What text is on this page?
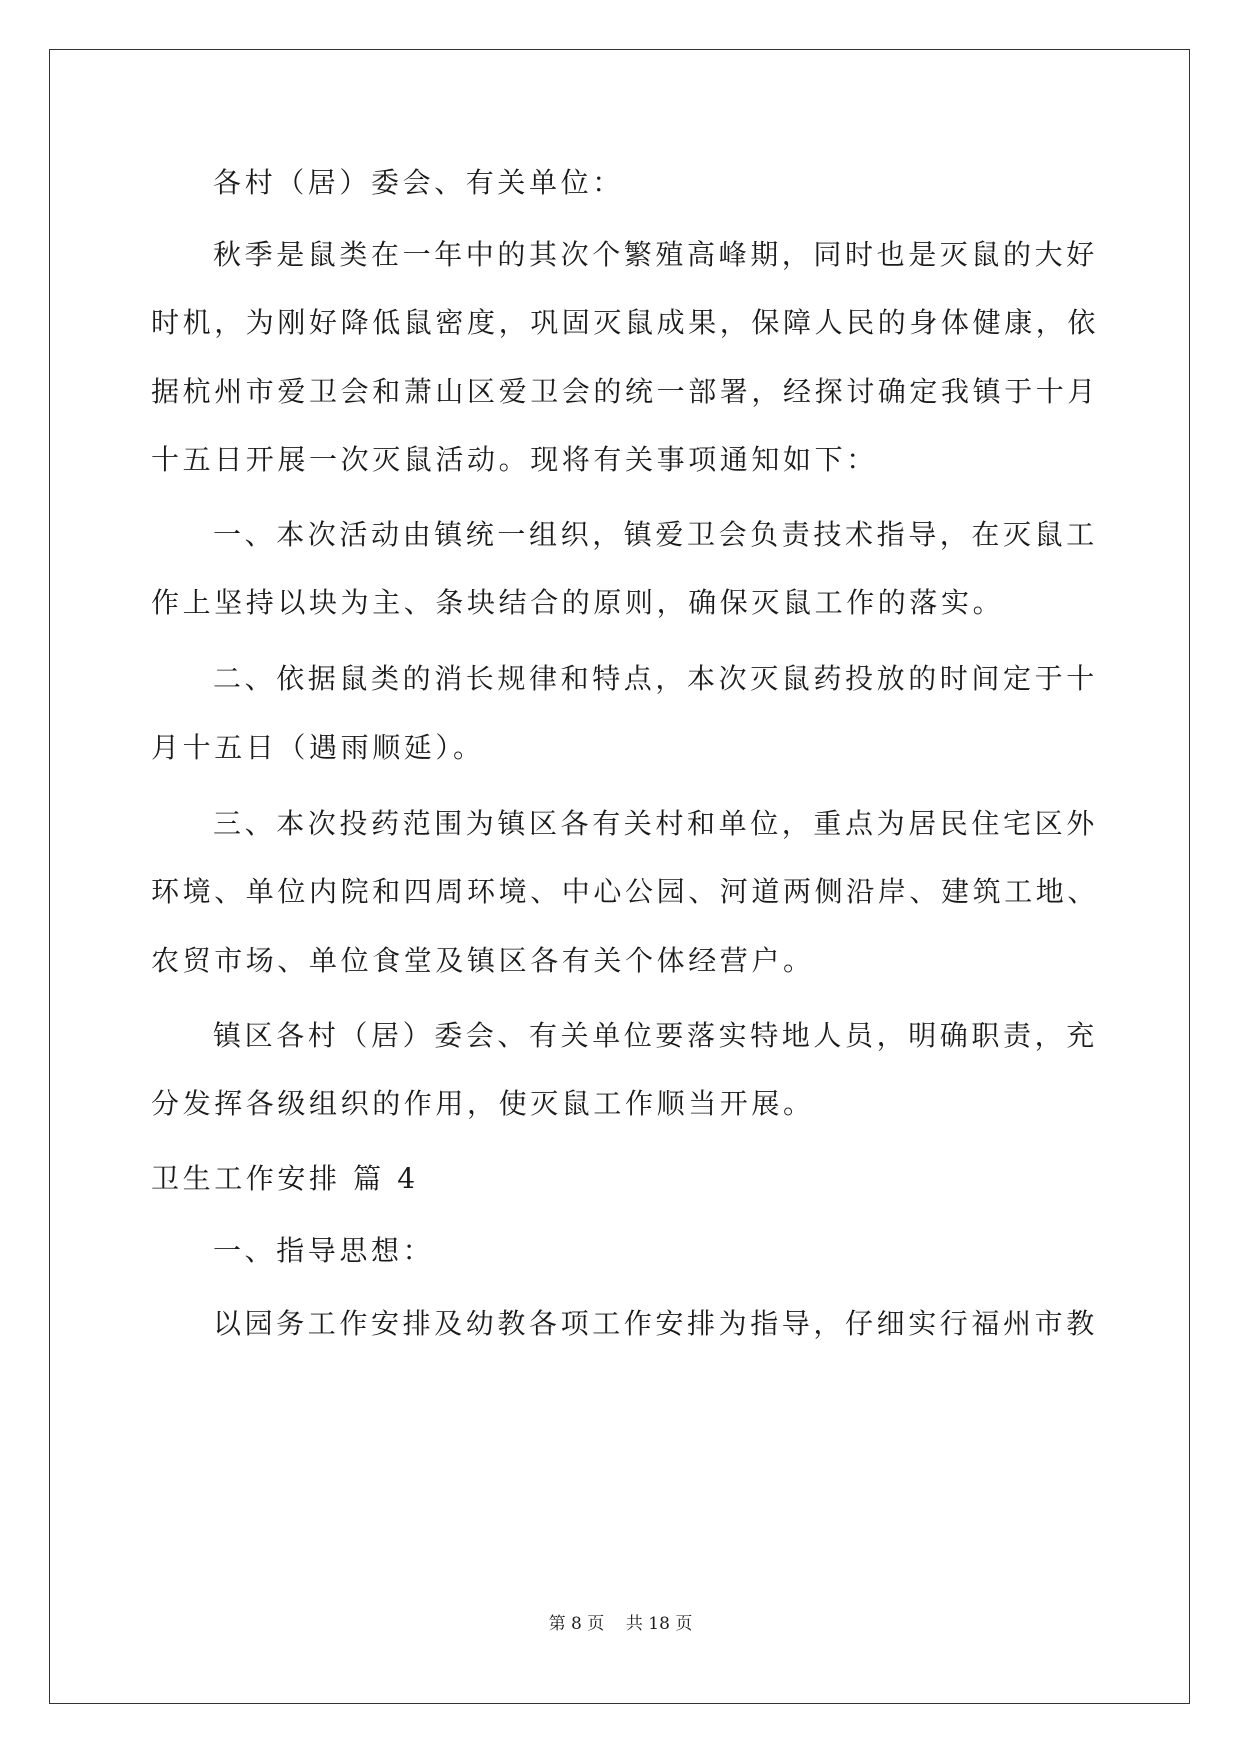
各村（居）委会、有关单位：
秋季是鼠类在一年中的其次个繁殖高峰期，同时也是灭鼠的大好
时机，为刚好降低鼠密度，巩固灭鼠成果，保障人民的身体健康，依
据杭州市爱卫会和萧山区爱卫会的统一部署，经探讨确定我镇于十月
十五日开展一次灭鼠活动。现将有关事项通知如下：
一、本次活动由镇统一组织，镇爱卫会负责技术指导，在灭鼠工
作上坚持以块为主、条块结合的原则，确保灭鼠工作的落实。
二、依据鼠类的消长规律和特点，本次灭鼠药投放的时间定于十
月十五日（遇雨顺延）。
三、本次投药范围为镇区各有关村和单位，重点为居民住宅区外
环境、单位内院和四周环境、中心公园、河道两侧沿岸、建筑工地、
农贸市场、单位食堂及镇区各有关个体经营户。
镇区各村（居）委会、有关单位要落实特地人员，明确职责，充
分发挥各级组织的作用，使灭鼠工作顺当开展。
卫生工作安排 篇 4
一、指导思想：
以园务工作安排及幼教各项工作安排为指导，仔细实行福州市教
第 8 页    共 18 页
